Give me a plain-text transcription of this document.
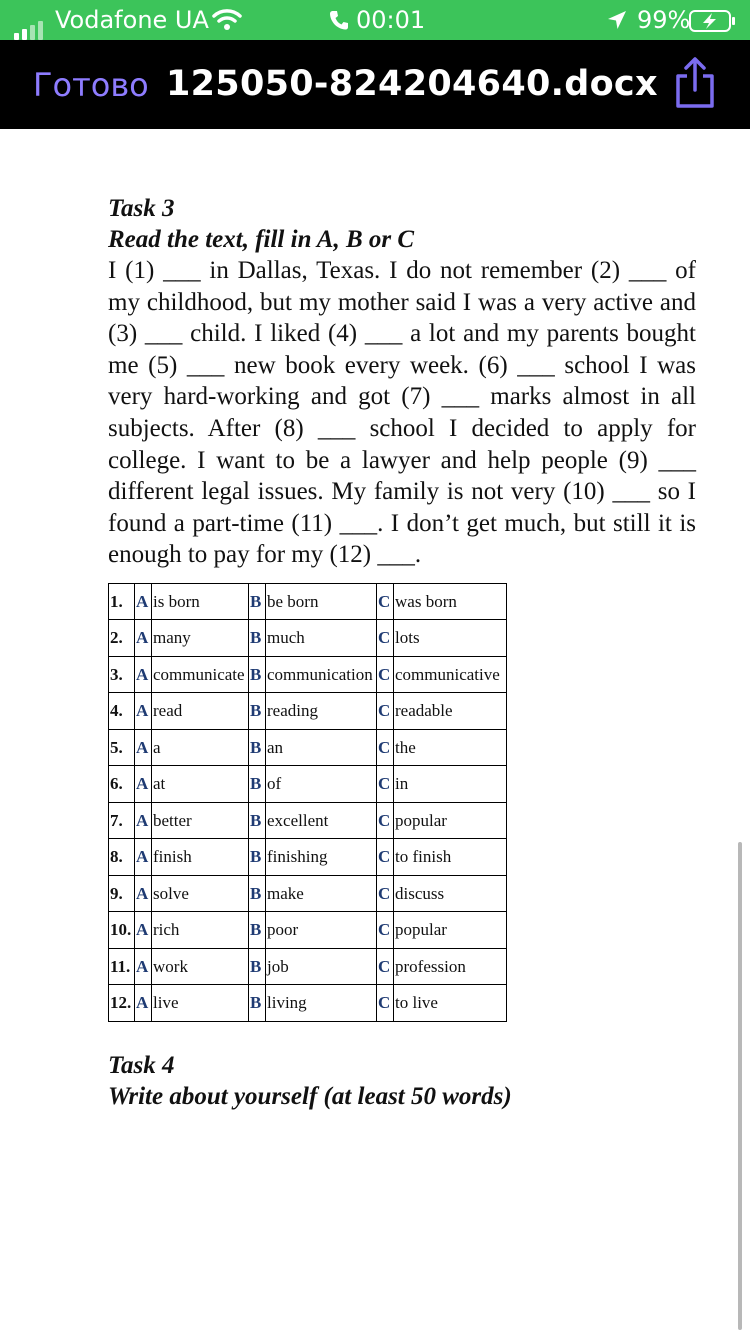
Vodafone UA	00:01	99%
Готово 125050-824204640.docx

Task 3

Read the text, fill in A, B or C

I (1) ___ in Dallas, Texas. I do not remember (2) ___ of my childhood, but my mother said I was a very active and (3) ___ child. I liked (4) ___ a lot and my parents bought me (5) ___ new book every week. (6) ___ school I was very hard-working and got (7) ___ marks almost in all subjects. After (8) ___ school I decided to apply for college. I want to be a lawyer and help people (9) ___ different legal issues. My family is not very (10) ___ so I found a part-time (11) ___. I don’t get much, but still it is enough to pay for my (12) ___.

1.	A	is born	B	be born	C	was born
2.	A	many	B	much	C	lots
3.	A	communicate	B	communication	C	communicative
4.	A	read	B	reading	C	readable
5.	A	a	B	an	C	the
6.	A	at	B	of	C	in
7.	A	better	B	excellent	C	popular
8.	A	finish	B	finishing	C	to finish
9.	A	solve	B	make	C	discuss
10.	A	rich	B	poor	C	popular
11.	A	work	B	job	C	profession
12.	A	live	B	living	C	to live

Task 4

Write about yourself (at least 50 words)
